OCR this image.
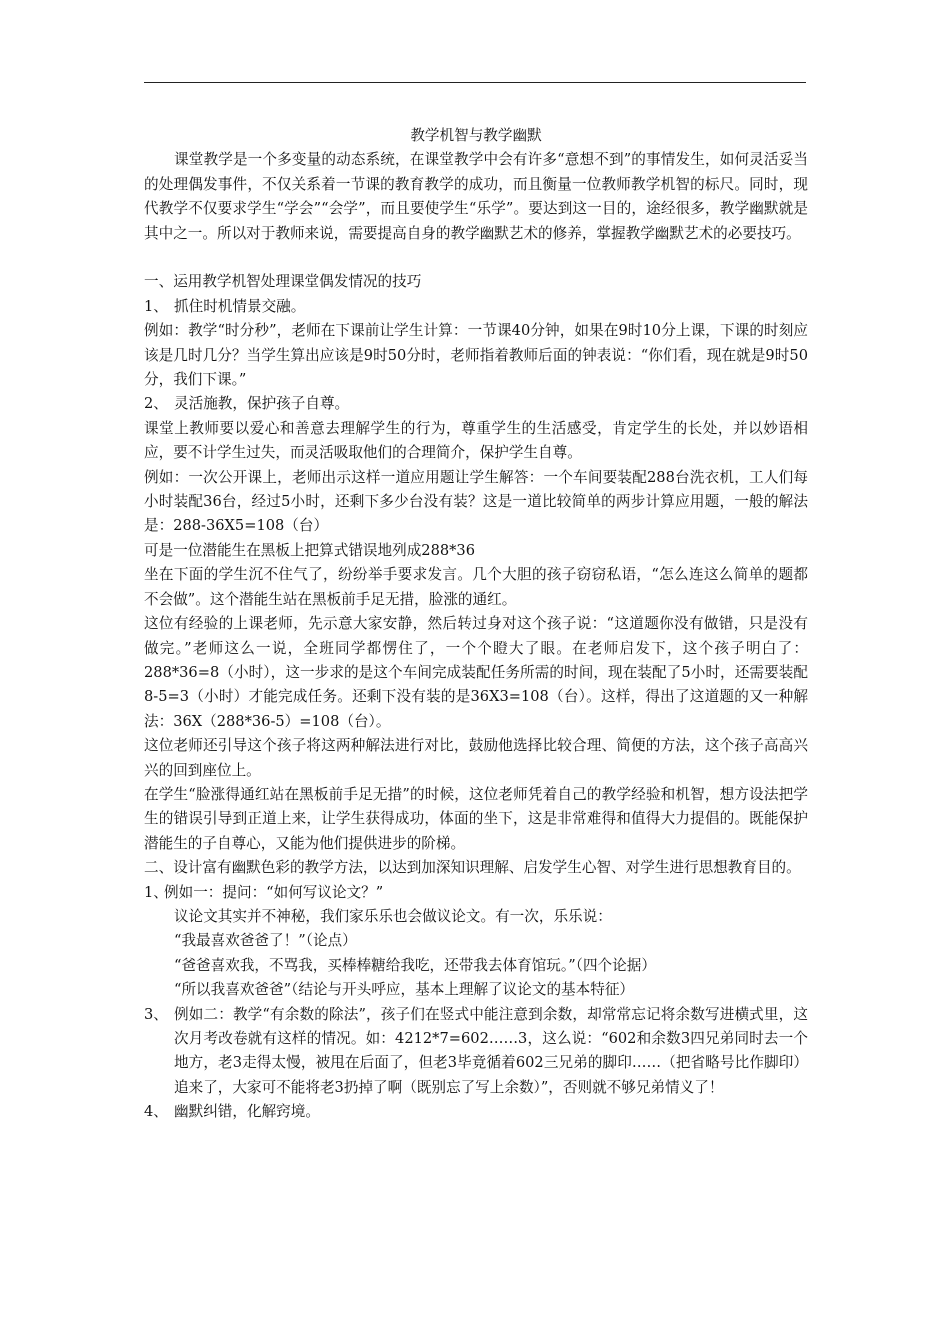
教学机智与教学幽默

课堂教学是一个多变量的动态系统，在课堂教学中会有许多“意想不到”的事情发生，如何灵活妥当的处理偶发事件，不仅关系着一节课的教育教学的成功，而且衡量一位教师教学机智的标尺。同时，现代教学不仅要求学生“学会”“会学”，而且要使学生“乐学”。要达到这一目的，途经很多，教学幽默就是其中之一。所以对于教师来说，需要提高自身的教学幽默艺术的修养，掌握教学幽默艺术的必要技巧。

一、运用教学机智处理课堂偶发情况的技巧

1、 抓住时机情景交融。

例如：教学“时分秒”，老师在下课前让学生计算：一节课40分钟，如果在9时10分上课，下课的时刻应该是几时几分？当学生算出应该是9时50分时，老师指着教师后面的钟表说：“你们看，现在就是9时50分，我们下课。”

2、 灵活施教，保护孩子自尊。

课堂上教师要以爱心和善意去理解学生的行为，尊重学生的生活感受，肯定学生的长处，并以妙语相应，要不计学生过失，而灵活吸取他们的合理简介，保护学生自尊。

例如：一次公开课上，老师出示这样一道应用题让学生解答：一个车间要装配288台洗衣机，工人们每小时装配36台，经过5小时，还剩下多少台没有装？这是一道比较简单的两步计算应用题，一般的解法是：288-36X5=108（台）

可是一位潜能生在黑板上把算式错误地列成288*36

坐在下面的学生沉不住气了，纷纷举手要求发言。几个大胆的孩子窃窃私语，“怎么连这么简单的题都不会做”。这个潜能生站在黑板前手足无措，脸涨的通红。

这位有经验的上课老师，先示意大家安静，然后转过身对这个孩子说：“这道题你没有做错，只是没有做完。”老师这么一说，全班同学都愣住了，一个个瞪大了眼。在老师启发下，这个孩子明白了：288*36=8（小时），这一步求的是这个车间完成装配任务所需的时间，现在装配了5小时，还需要装配8-5=3（小时）才能完成任务。还剩下没有装的是36X3=108（台）。这样，得出了这道题的又一种解法：36X（288*36-5）=108（台）。

这位老师还引导这个孩子将这两种解法进行对比，鼓励他选择比较合理、简便的方法，这个孩子高高兴兴的回到座位上。

在学生“脸涨得通红站在黑板前手足无措”的时候，这位老师凭着自己的教学经验和机智，想方设法把学生的错误引导到正道上来，让学生获得成功，体面的坐下，这是非常难得和值得大力提倡的。既能保护潜能生的子自尊心，又能为他们提供进步的阶梯。

二、设计富有幽默色彩的教学方法，以达到加深知识理解、启发学生心智、对学生进行思想教育目的。

1、
例如一：提问：“如何写议论文？”

议论文其实并不神秘，我们家乐乐也会做议论文。有一次，乐乐说：

“我最喜欢爸爸了！”（论点）

“爸爸喜欢我，不骂我，买棒棒糖给我吃，还带我去体育馆玩。”（四个论据）

“所以我喜欢爸爸”（结论与开头呼应，基本上理解了议论文的基本特征）

3、 例如二：教学“有余数的除法”，孩子们在竖式中能注意到余数，却常常忘记将余数写进横式里，这次月考改卷就有这样的情况。如：4212*7=602……3，这么说：“602和余数3四兄弟同时去一个地方，老3走得太慢，被甩在后面了，但老3毕竟循着602三兄弟的脚印……（把省略号比作脚印）追来了，大家可不能将老3扔掉了啊（既别忘了写上余数）”，否则就不够兄弟情义了！
4、 幽默纠错，化解窍境。
